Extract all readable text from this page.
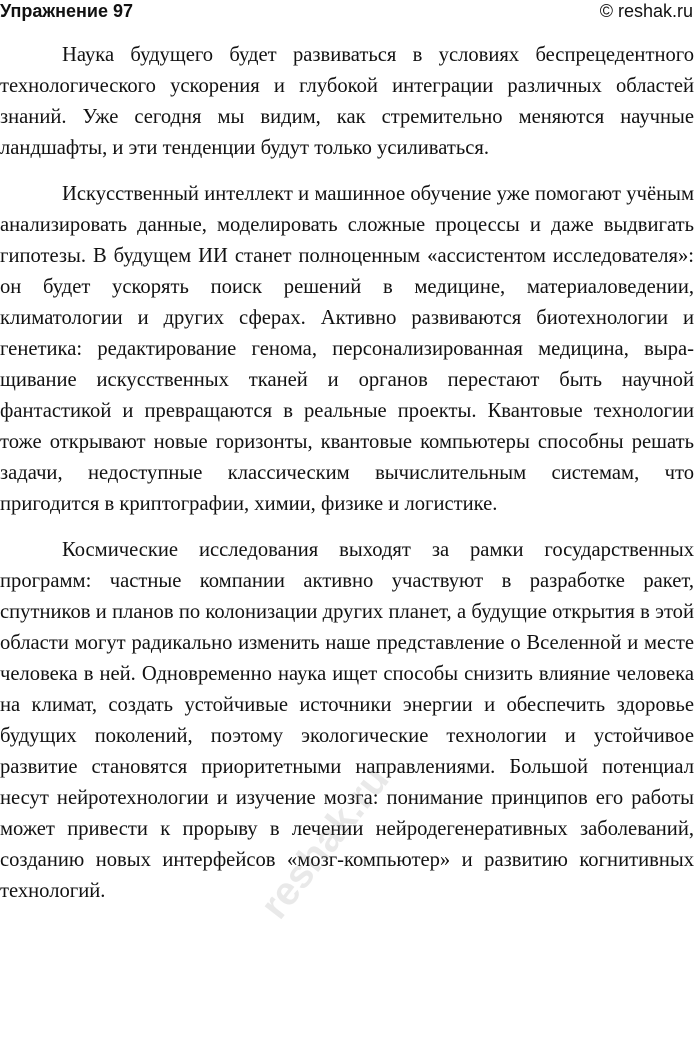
Упражнение 97	© reshak.ru

Наука будущего будет развиваться в условиях беспрецедентного технологического ускорения и глубокой интеграции различных областей знаний. Уже сегодня мы видим, как стремительно меняются научные ландшафты, и эти тенденции будут только усиливаться.

Искусственный интеллект и машинное обучение уже помогают учёным анализировать данные, моделировать сложные процессы и даже выдвигать гипотезы. В будущем ИИ станет полноценным «ассистентом исследователя»: он будет ускорять поиск решений в медицине, материаловедении, климатологии и других сферах. Активно развиваются биотехнологии и генетика: редактирование генома, персонализированная медицина, выращивание искусственных тканей и органов перестают быть научной фантастикой и превращаются в реальные проекты. Квантовые технологии тоже открывают новые горизонты, квантовые компьютеры способны решать задачи, недоступные классическим вычислительным системам, что пригодится в криптографии, химии, физике и логистике.

Космические исследования выходят за рамки государственных программ: частные компании активно участвуют в разработке ракет, спутников и планов по колонизации других планет, а будущие открытия в этой области могут радикально изменить наше представление о Вселенной и месте человека в ней. Одновременно наука ищет способы снизить влияние человека на климат, создать устойчивые источники энергии и обеспечить здоровье будущих поколений, поэтому экологические технологии и устойчивое развитие становятся приоритетными направлениями. Большой потенциал несут нейротехнологии и изучение мозга: понимание принципов его работы может привести к прорыву в лечении нейродегенеративных заболеваний, созданию новых интерфейсов «мозг-компьютер» и развитию когнитивных технологий.	reshak.ru
